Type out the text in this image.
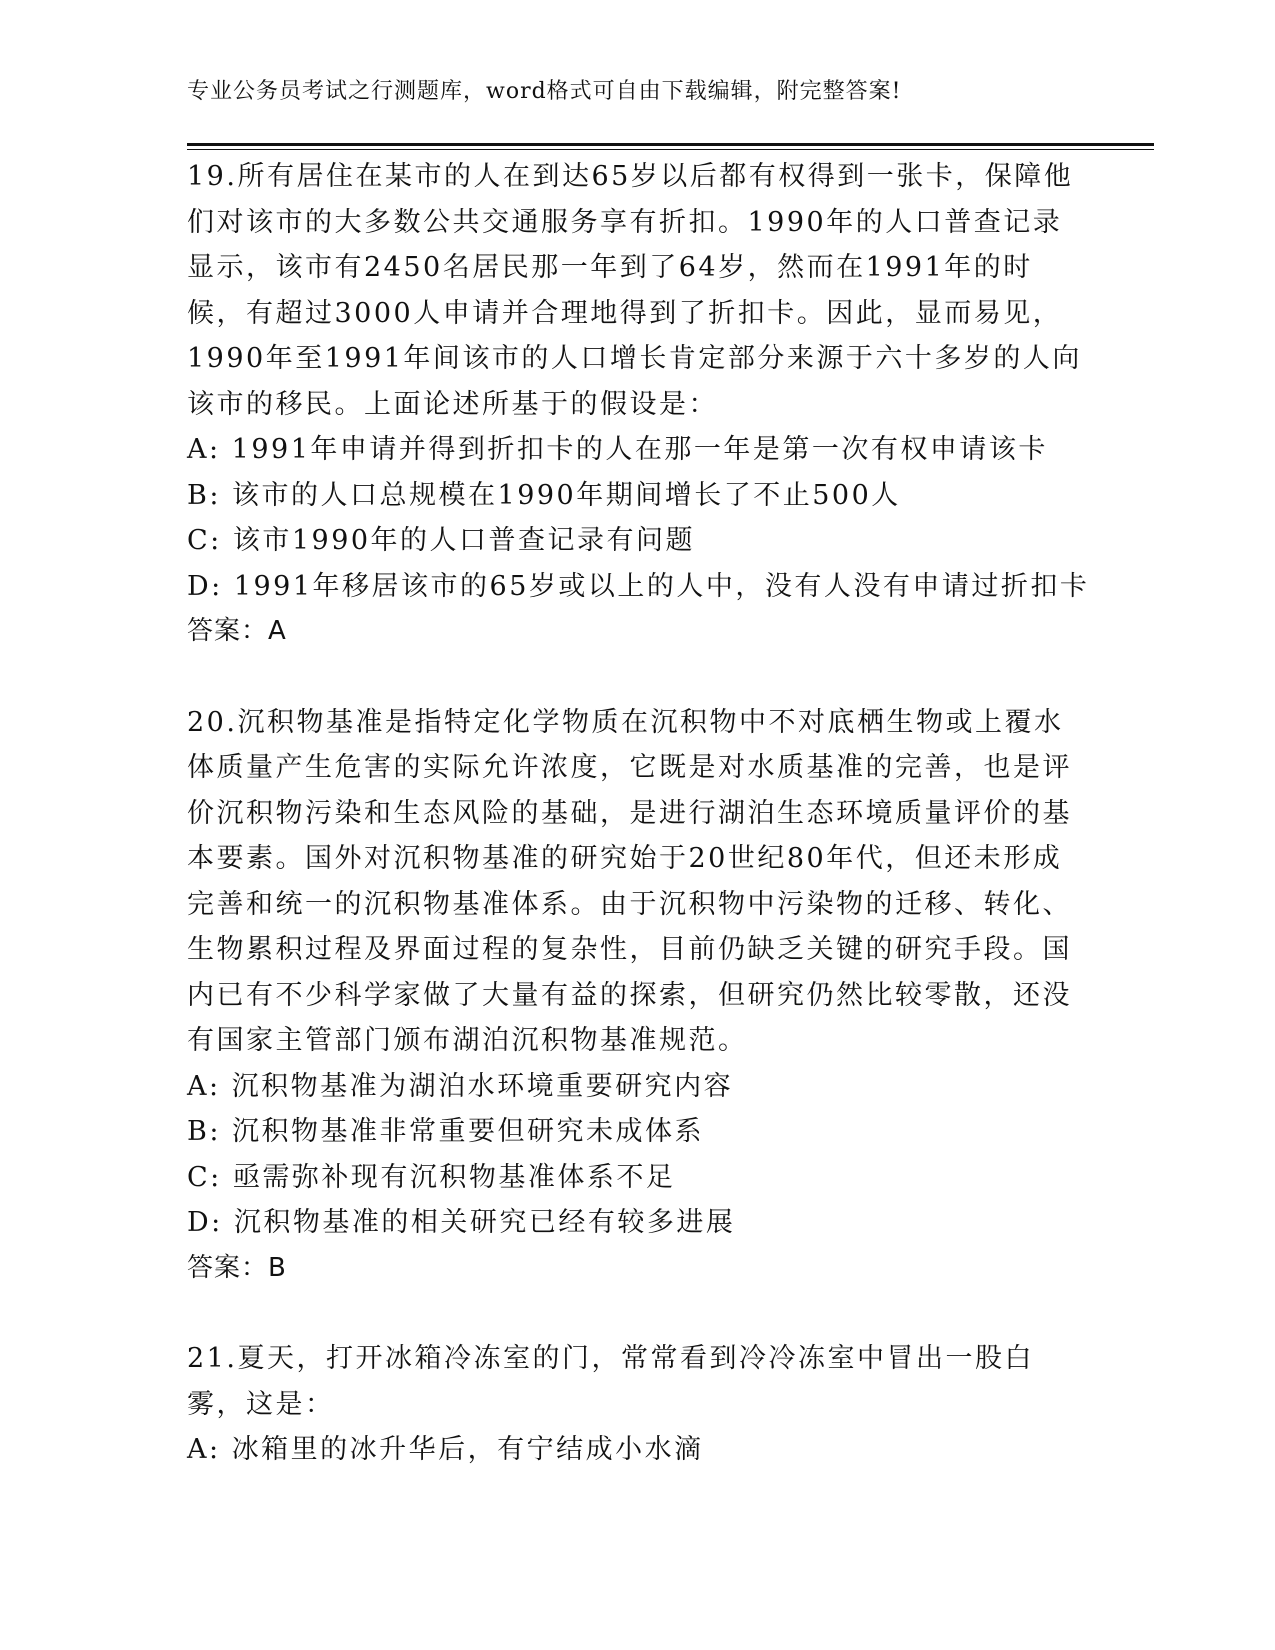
专业公务员考试之行测题库，word格式可自由下载编辑，附完整答案!

19.所有居住在某市的人在到达65岁以后都有权得到一张卡，保障他们对该市的大多数公共交通服务享有折扣。1990年的人口普查记录显示，该市有2450名居民那一年到了64岁，然而在1991年的时候，有超过3000人申请并合理地得到了折扣卡。因此，显而易见，1990年至1991年间该市的人口增长肯定部分来源于六十多岁的人向该市的移民。上面论述所基于的假设是：

A: 1991年申请并得到折扣卡的人在那一年是第一次有权申请该卡

B: 该市的人口总规模在1990年期间增长了不止500人

C: 该市1990年的人口普查记录有问题

D: 1991年移居该市的65岁或以上的人中，没有人没有申请过折扣卡

答案：A

20.沉积物基准是指特定化学物质在沉积物中不对底栖生物或上覆水体质量产生危害的实际允许浓度，它既是对水质基准的完善，也是评价沉积物污染和生态风险的基础，是进行湖泊生态环境质量评价的基本要素。国外对沉积物基准的研究始于20世纪80年代，但还未形成完善和统一的沉积物基准体系。由于沉积物中污染物的迁移、转化、生物累积过程及界面过程的复杂性，目前仍缺乏关键的研究手段。国内已有不少科学家做了大量有益的探索，但研究仍然比较零散，还没有国家主管部门颁布湖泊沉积物基准规范。

A: 沉积物基准为湖泊水环境重要研究内容

B: 沉积物基准非常重要但研究未成体系

C: 亟需弥补现有沉积物基准体系不足

D: 沉积物基准的相关研究已经有较多进展

答案：B

21.夏天，打开冰箱冷冻室的门，常常看到冷冷冻室中冒出一股白雾，这是：

A: 冰箱里的冰升华后，有宁结成小水滴
